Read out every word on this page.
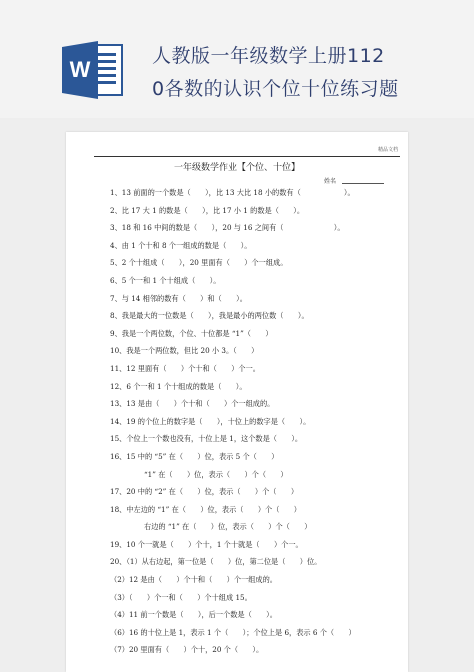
W
人教版一年级数学上册112
0各数的认识个位十位练习题
精品文档
一年级数学作业【个位、十位】
姓名
1、13 前面的一个数是（　　），比 13 大比 18 小的数有（　　　　　　）。
2、比 17 大 1 的数是（　　），比 17 小 1 的数是（　　）。
3、18 和 16 中间的数是（　　），20 与 16 之间有（　　　　　　　）。
4、由 1 个十和 8 个一组成的数是（　　）。
5、2 个十组成（　　），20 里面有（　　）个一组成。
6、5 个一和 1 个十组成（　　）。
7、与 14 相邻的数有（　　）和（　　）。
8、我是最大的一位数是（　　），我是最小的两位数（　　）。
9、我是一个两位数，个位、十位都是 “1”（　　）
10、我是一个两位数，但比 20 小 3。（　　）
11、12 里面有（　　）个十和（　　）个一。
12、6 个一和 1 个十组成的数是（　　）。
13、13 是由（　　）个十和（　　）个一组成的。
14、19 的个位上的数字是（　　），十位上的数字是（　　）。
15、个位上一个数也没有，十位上是 1，这个数是（　　）。
16、15 中的 “5” 在（　　）位，表示 5 个（　　）
“1” 在（　　）位，表示（　　）个（　　）
17、20 中的 “2” 在（　　）位，表示（　　）个（　　）
18、中左边的 “1” 在（　　）位，表示（　　）个（　　）
右边的 “1” 在（　　）位，表示（　　）个（　　）
19、10 个一就是（　　）个十，1 个十就是（　　）个一。
20、（1）从右边起，第一位是（　　）位，第二位是（　　）位。
（2）12 是由（　　）个十和（　　）个一组成的。
（3）（　　）个一和（　　）个十组成 15。
（4）11 前一个数是（　　），后一个数是（　　）。
（6）16 的十位上是 1，表示 1 个（　　）；个位上是 6，表示 6 个（　　）
（7）20 里面有（　　）个十，20 个（　　）。
